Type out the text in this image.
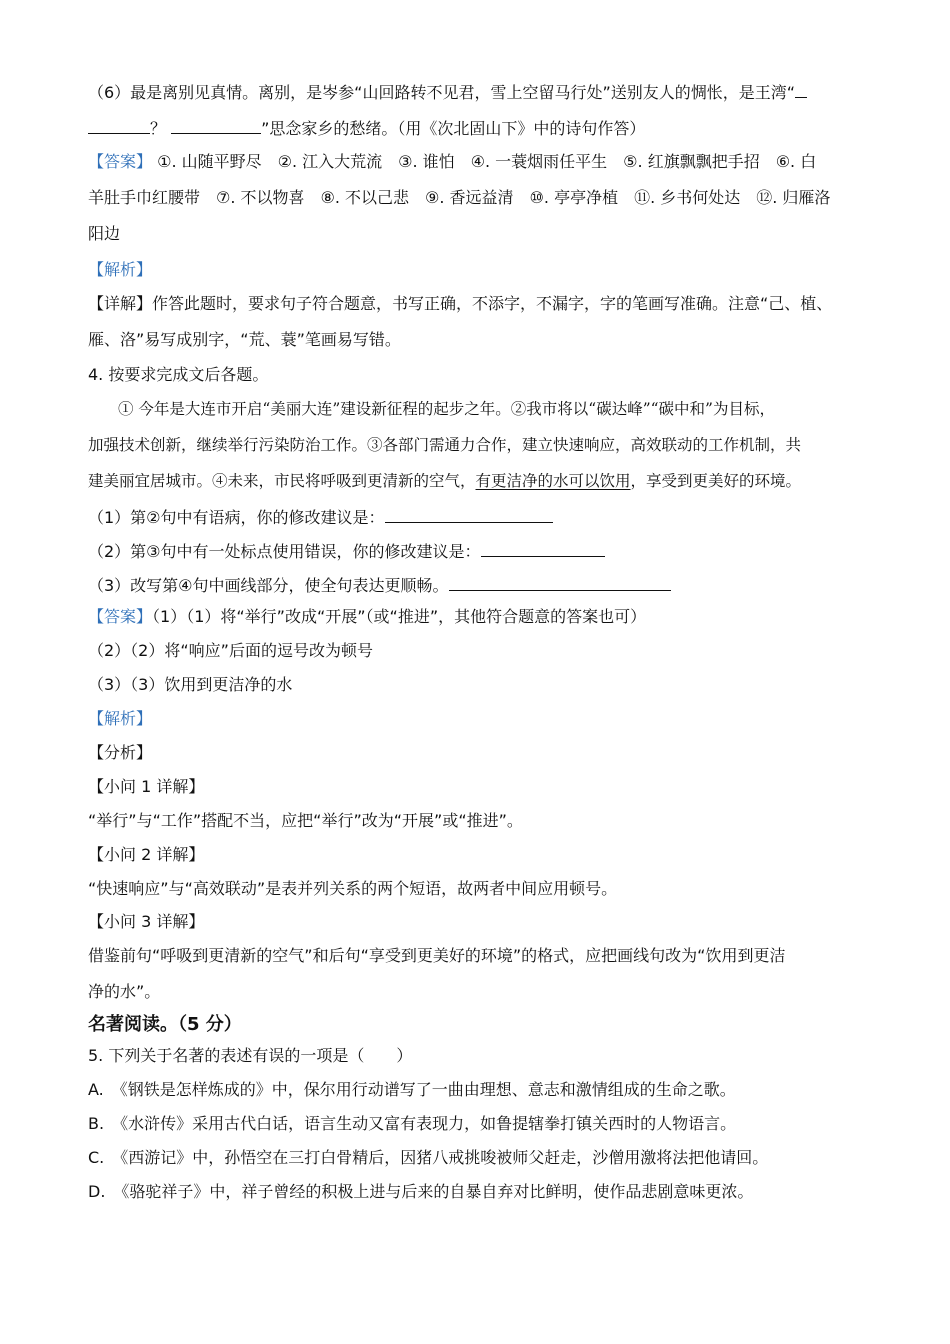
（6）最是离别见真情。离别，是岑参“山回路转不见君，雪上空留马行处”送别友人的惆怅，是王湾“
？	”思念家乡的愁绪。（用《次北固山下》中的诗句作答）
【答案】 ①. 山随平野尽　②. 江入大荒流　③. 谁怕　④. 一蓑烟雨任平生　⑤. 红旗飘飘把手招　⑥. 白
羊肚手巾红腰带　⑦. 不以物喜　⑧. 不以己悲　⑨. 香远益清　⑩. 亭亭净植　⑪. 乡书何处达　⑫. 归雁洛
阳边
【解析】
【详解】作答此题时，要求句子符合题意，书写正确，不添字，不漏字，字的笔画写准确。注意“己、植、
雁、洛”易写成别字，“荒、蓑”笔画易写错。
4. 按要求完成文后各题。
① 今年是大连市开启“美丽大连”建设新征程的起步之年。②我市将以“碳达峰”“碳中和”为目标，
加强技术创新，继续举行污染防治工作。③各部门需通力合作，建立快速响应，高效联动的工作机制，共
建美丽宜居城市。④未来，市民将呼吸到更清新的空气，有更洁净的水可以饮用，享受到更美好的环境。
（1）第②句中有语病，你的修改建议是：
（2）第③句中有一处标点使用错误，你的修改建议是：
（3）改写第④句中画线部分，使全句表达更顺畅。
【答案】（1）（1）将“举行”改成“开展”（或“推进”，其他符合题意的答案也可）
（2）（2）将“响应”后面的逗号改为顿号
（3）（3）饮用到更洁净的水
【解析】
【分析】
【小问 1 详解】
“举行”与“工作”搭配不当，应把“举行”改为“开展”或“推进”。
【小问 2 详解】
“快速响应”与“高效联动”是表并列关系的两个短语，故两者中间应用顿号。
【小问 3 详解】
借鉴前句“呼吸到更清新的空气”和后句“享受到更美好的环境”的格式，应把画线句改为“饮用到更洁
净的水”。
名著阅读。（5 分）
5. 下列关于名著的表述有误的一项是（　　）
A.　《钢铁是怎样炼成的》中，保尔用行动谱写了一曲由理想、意志和激情组成的生命之歌。
B.　《水浒传》采用古代白话，语言生动又富有表现力，如鲁提辖拳打镇关西时的人物语言。
C.　《西游记》中，孙悟空在三打白骨精后，因猪八戒挑唆被师父赶走，沙僧用激将法把他请回。
D.　《骆驼祥子》中，祥子曾经的积极上进与后来的自暴自弃对比鲜明，使作品悲剧意味更浓。
